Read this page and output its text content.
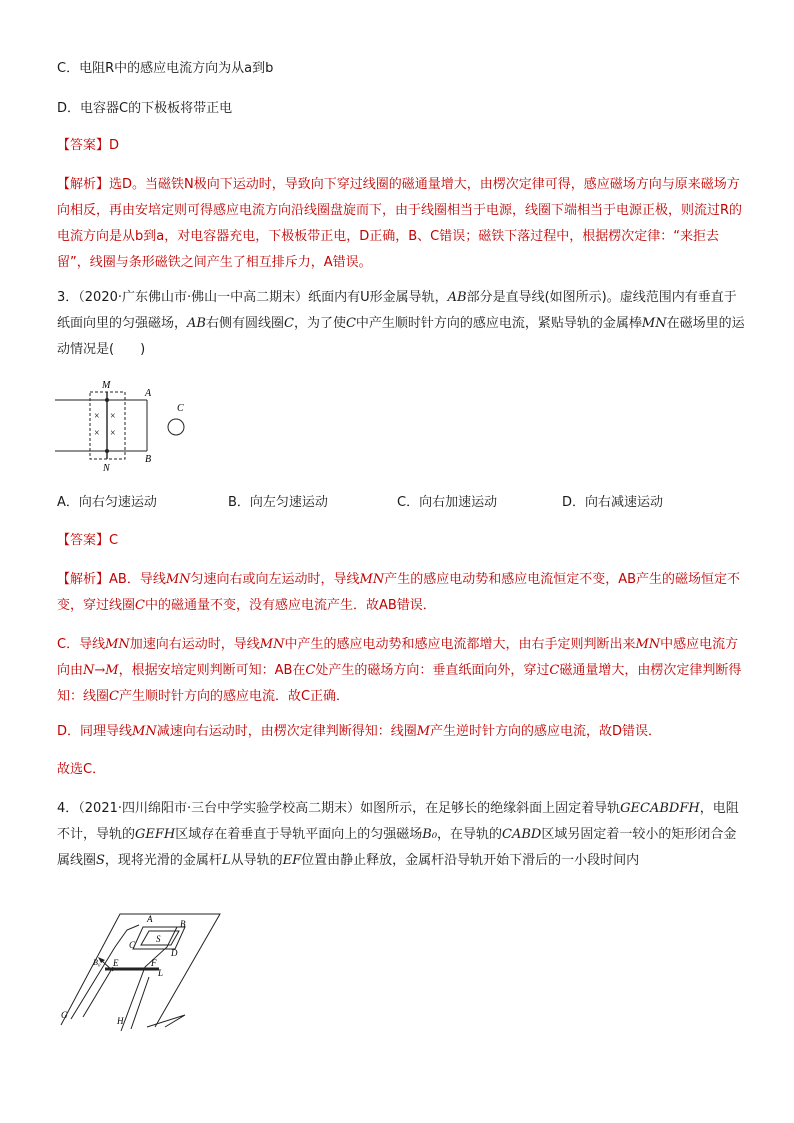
C．电阻R中的感应电流方向为从a到b

D．电容器C的下极板将带正电

【答案】D

【解析】选D。当磁铁N极向下运动时，导致向下穿过线圈的磁通量增大，由楞次定律可得，感应磁场方向与原来磁场方向相反，再由安培定则可得感应电流方向沿线圈盘旋而下，由于线圈相当于电源，线圈下端相当于电源正极，则流过R的电流方向是从b到a，对电容器充电，下极板带正电，D正确，B、C错误；磁铁下落过程中，根据楞次定律：“来拒去留”，线圈与条形磁铁之间产生了相互排斥力，A错误。

3．（2020·广东佛山市·佛山一中高二期末）纸面内有U形金属导轨，AB部分是直导线(如图所示)。虚线范围内有垂直于纸面向里的匀强磁场，AB右侧有圆线圈C，为了使C中产生顺时针方向的感应电流，紧贴导轨的金属棒MN在磁场里的运动情况是(　　)

× ×
× ×
M
N
A
B
C
A．向右匀速运动	B．向左匀速运动	C．向右加速运动	D．向右减速运动

【答案】C

【解析】AB．导线MN匀速向右或向左运动时，导线MN产生的感应电动势和感应电流恒定不变，AB产生的磁场恒定不变，穿过线圈C中的磁通量不变，没有感应电流产生．故AB错误．

C．导线MN加速向右运动时，导线MN中产生的感应电动势和感应电流都增大，由右手定则判断出来MN中感应电流方向由N→M，根据安培定则判断可知：AB在C处产生的磁场方向：垂直纸面向外，穿过C磁通量增大，由楞次定律判断得知：线圈C产生顺时针方向的感应电流．故C正确．

D．同理导线MN减速向右运动时，由楞次定律判断得知：线圈M产生逆时针方向的感应电流，故D错误．

故选C．

4．（2021·四川绵阳市·三台中学实验学校高二期末）如图所示，在足够长的绝缘斜面上固定着导轨GECABDFH，电阻不计，导轨的GEFH区域存在着垂直于导轨平面向上的匀强磁场B₀，在导轨的CABD区域另固定着一较小的矩形闭合金属线圈S，现将光滑的金属杆L从导轨的EF位置由静止释放，金属杆沿导轨开始下滑后的一小段时间内

A	B
C
D
S
B₀ E	F
L
G
H
